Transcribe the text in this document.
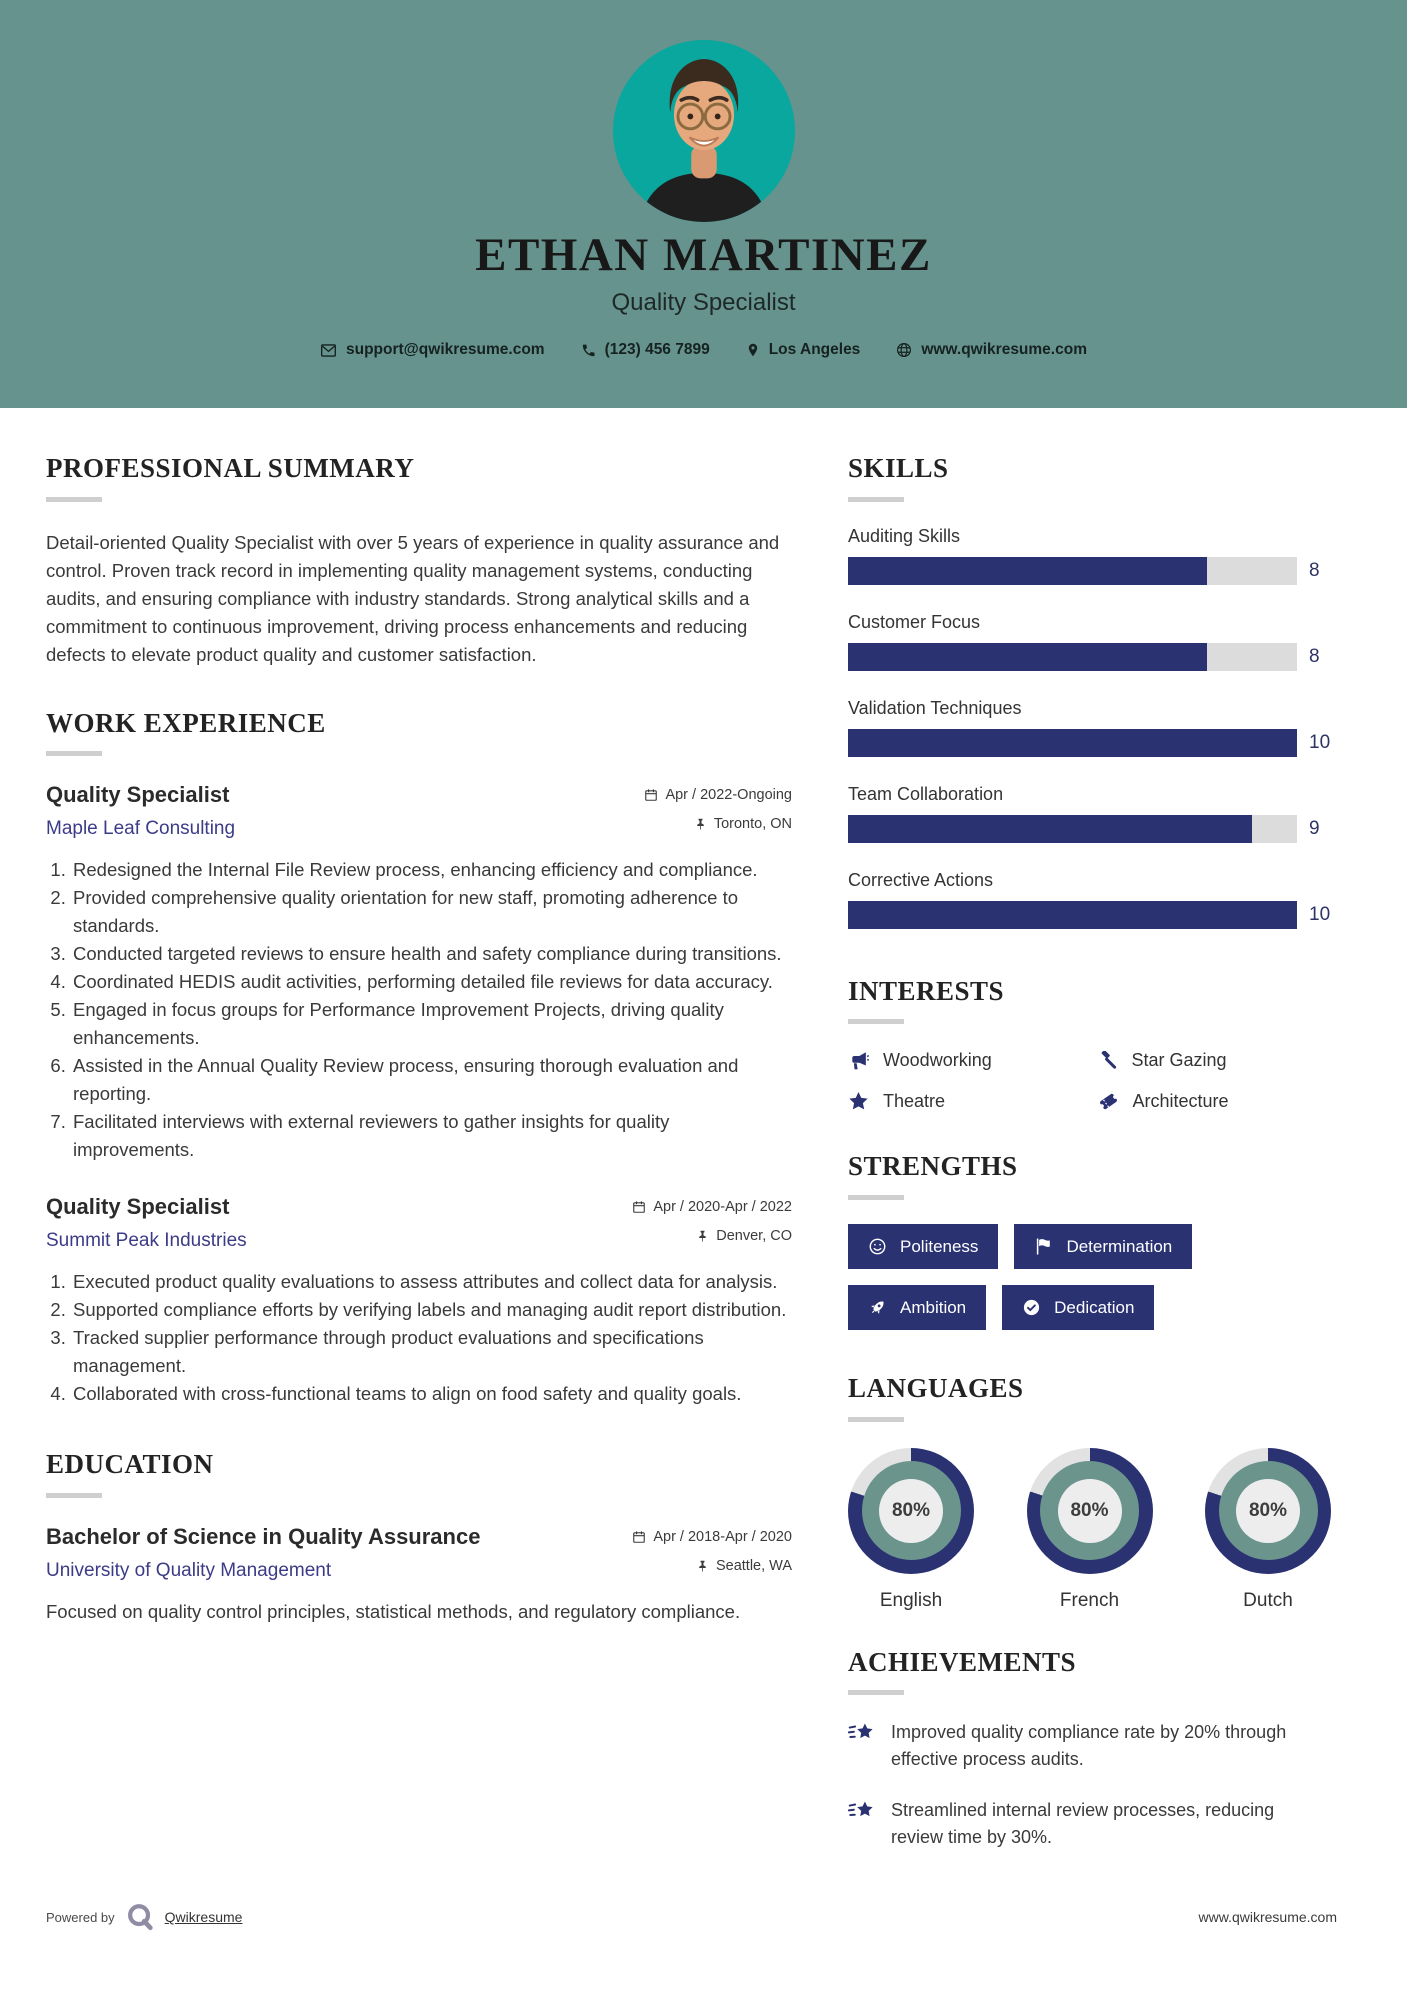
ETHAN MARTINEZ
Quality Specialist
support@qwikresume.com	(123) 456 7899	Los Angeles	www.qwikresume.com
PROFESSIONAL SUMMARY

Detail-oriented Quality Specialist with over 5 years of experience in quality assurance and control. Proven track record in implementing quality management systems, conducting audits, and ensuring compliance with industry standards. Strong analytical skills and a commitment to continuous improvement, driving process enhancements and reducing defects to elevate product quality and customer satisfaction.

WORK EXPERIENCE
Quality Specialist
Maple Leaf Consulting
Apr / 2022-Ongoing
Toronto, ON
1. Redesigned the Internal File Review process, enhancing efficiency and compliance.
2. Provided comprehensive quality orientation for new staff, promoting adherence to standards.
3. Conducted targeted reviews to ensure health and safety compliance during transitions.
4. Coordinated HEDIS audit activities, performing detailed file reviews for data accuracy.
5. Engaged in focus groups for Performance Improvement Projects, driving quality enhancements.
6. Assisted in the Annual Quality Review process, ensuring thorough evaluation and reporting.
7. Facilitated interviews with external reviewers to gather insights for quality improvements.
Quality Specialist
Summit Peak Industries
Apr / 2020-Apr / 2022
Denver, CO
1. Executed product quality evaluations to assess attributes and collect data for analysis.
2. Supported compliance efforts by verifying labels and managing audit report distribution.
3. Tracked supplier performance through product evaluations and specifications management.
4. Collaborated with cross-functional teams to align on food safety and quality goals.
EDUCATION
Bachelor of Science in Quality Assurance
University of Quality Management
Apr / 2018-Apr / 2020
Seattle, WA

Focused on quality control principles, statistical methods, and regulatory compliance.

SKILLS
Auditing Skills
8
Customer Focus
8
Validation Techniques
10
Team Collaboration
9
Corrective Actions
10
INTERESTS
Woodworking	Star Gazing
Theatre	Architecture
STRENGTHS
Politeness	Determination
Ambition	Dedication
LANGUAGES
80%
English
80%
French
80%
Dutch
ACHIEVEMENTS
Improved quality compliance rate by 20% through effective process audits.
Streamlined internal review processes, reducing review time by 30%.
Powered by	Qwikresume	www.qwikresume.com
